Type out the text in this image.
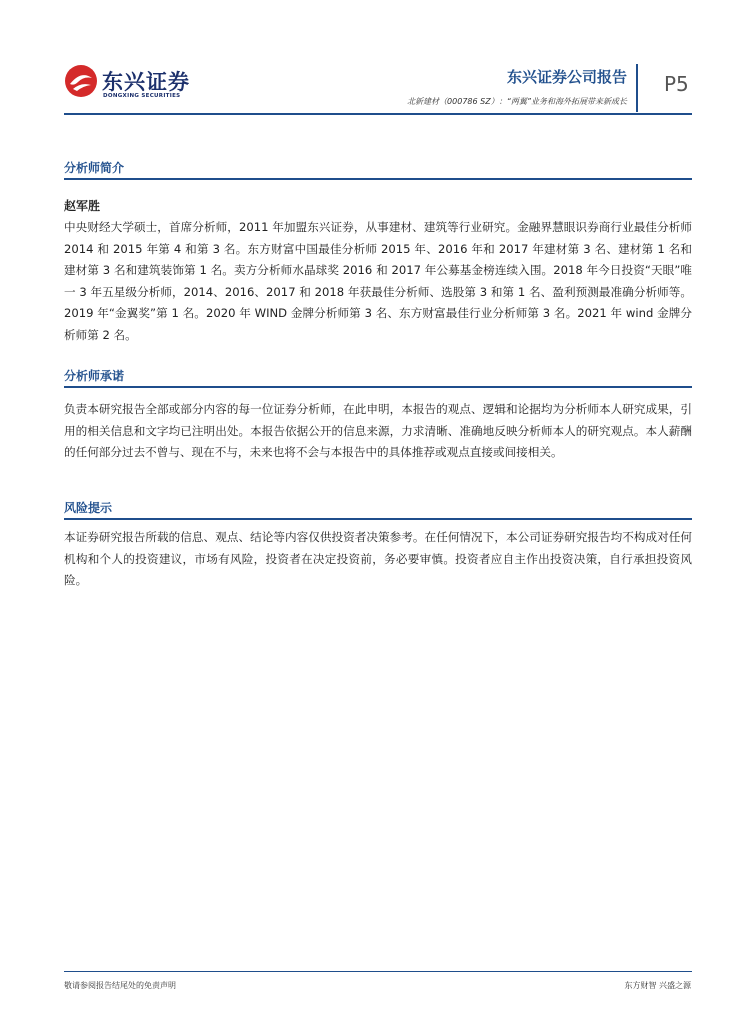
东兴证券
DONGXING SECURITIES
东兴证券公司报告
北新建材（000786 SZ）：“两翼”业务和海外拓展带来新成长
P5
分析师简介
赵军胜
中央财经大学硕士，首席分析师，2011 年加盟东兴证券，从事建材、建筑等行业研究。金融界慧眼识券商行业最佳分析师 2014 和 2015 年第 4 和第 3 名。东方财富中国最佳分析师 2015 年、2016 年和 2017 年建材第 3 名、建材第 1 名和建材第 3 名和建筑装饰第 1 名。卖方分析师水晶球奖 2016 和 2017 年公募基金榜连续入围。2018 年今日投资“天眼”唯一 3 年五星级分析师，2014、2016、2017 和 2018 年获最佳分析师、选股第 3 和第 1 名、盈利预测最准确分析师等。2019 年“金翼奖”第 1 名。2020 年 WIND 金牌分析师第 3 名、东方财富最佳行业分析师第 3 名。2021 年 wind 金牌分析师第 2 名。
分析师承诺
负责本研究报告全部或部分内容的每一位证券分析师，在此申明，本报告的观点、逻辑和论据均为分析师本人研究成果，引用的相关信息和文字均已注明出处。本报告依据公开的信息来源，力求清晰、准确地反映分析师本人的研究观点。本人薪酬的任何部分过去不曾与、现在不与，未来也将不会与本报告中的具体推荐或观点直接或间接相关。
风险提示
本证券研究报告所载的信息、观点、结论等内容仅供投资者决策参考。在任何情况下，本公司证券研究报告均不构成对任何机构和个人的投资建议，市场有风险，投资者在决定投资前，务必要审慎。投资者应自主作出投资决策，自行承担投资风险。
敬请参阅报告结尾处的免责声明	东方财智 兴盛之源
